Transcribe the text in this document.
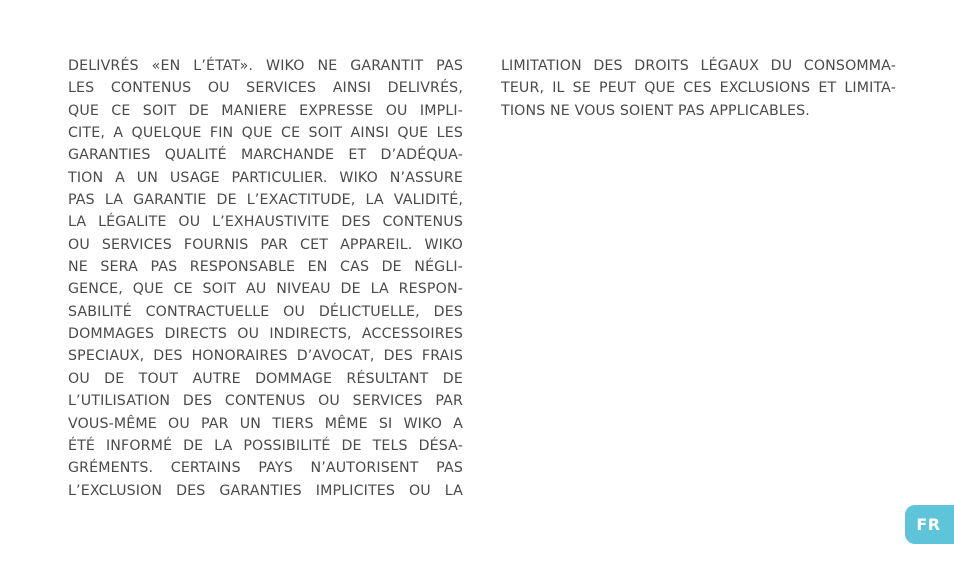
DELIVRÉS «EN L’ÉTAT». WIKO NE GARANTIT PAS
LES CONTENUS OU SERVICES AINSI DELIVRÉS,
QUE CE SOIT DE MANIERE EXPRESSE OU IMPLI-
CITE, A QUELQUE FIN QUE CE SOIT AINSI QUE LES
GARANTIES QUALITÉ MARCHANDE ET D’ADÉQUA-
TION A UN USAGE PARTICULIER. WIKO N’ASSURE
PAS LA GARANTIE DE L’EXACTITUDE, LA VALIDITÉ,
LA LÉGALITE OU L’EXHAUSTIVITE DES CONTENUS
OU SERVICES FOURNIS PAR CET APPAREIL. WIKO
NE SERA PAS RESPONSABLE EN CAS DE NÉGLI-
GENCE, QUE CE SOIT AU NIVEAU DE LA RESPON-
SABILITÉ CONTRACTUELLE OU DÉLICTUELLE, DES
DOMMAGES DIRECTS OU INDIRECTS, ACCESSOIRES
SPECIAUX, DES HONORAIRES D’AVOCAT, DES FRAIS
OU DE TOUT AUTRE DOMMAGE RÉSULTANT DE
L’UTILISATION DES CONTENUS OU SERVICES PAR
VOUS-MÊME OU PAR UN TIERS MÊME SI WIKO A
ÉTÉ INFORMÉ DE LA POSSIBILITÉ DE TELS DÉSA-
GRÉMENTS. CERTAINS PAYS N’AUTORISENT PAS
L’EXCLUSION DES GARANTIES IMPLICITES OU LA
LIMITATION DES DROITS LÉGAUX DU CONSOMMA-
TEUR, IL SE PEUT QUE CES EXCLUSIONS ET LIMITA-
TIONS NE VOUS SOIENT PAS APPLICABLES.
FR
